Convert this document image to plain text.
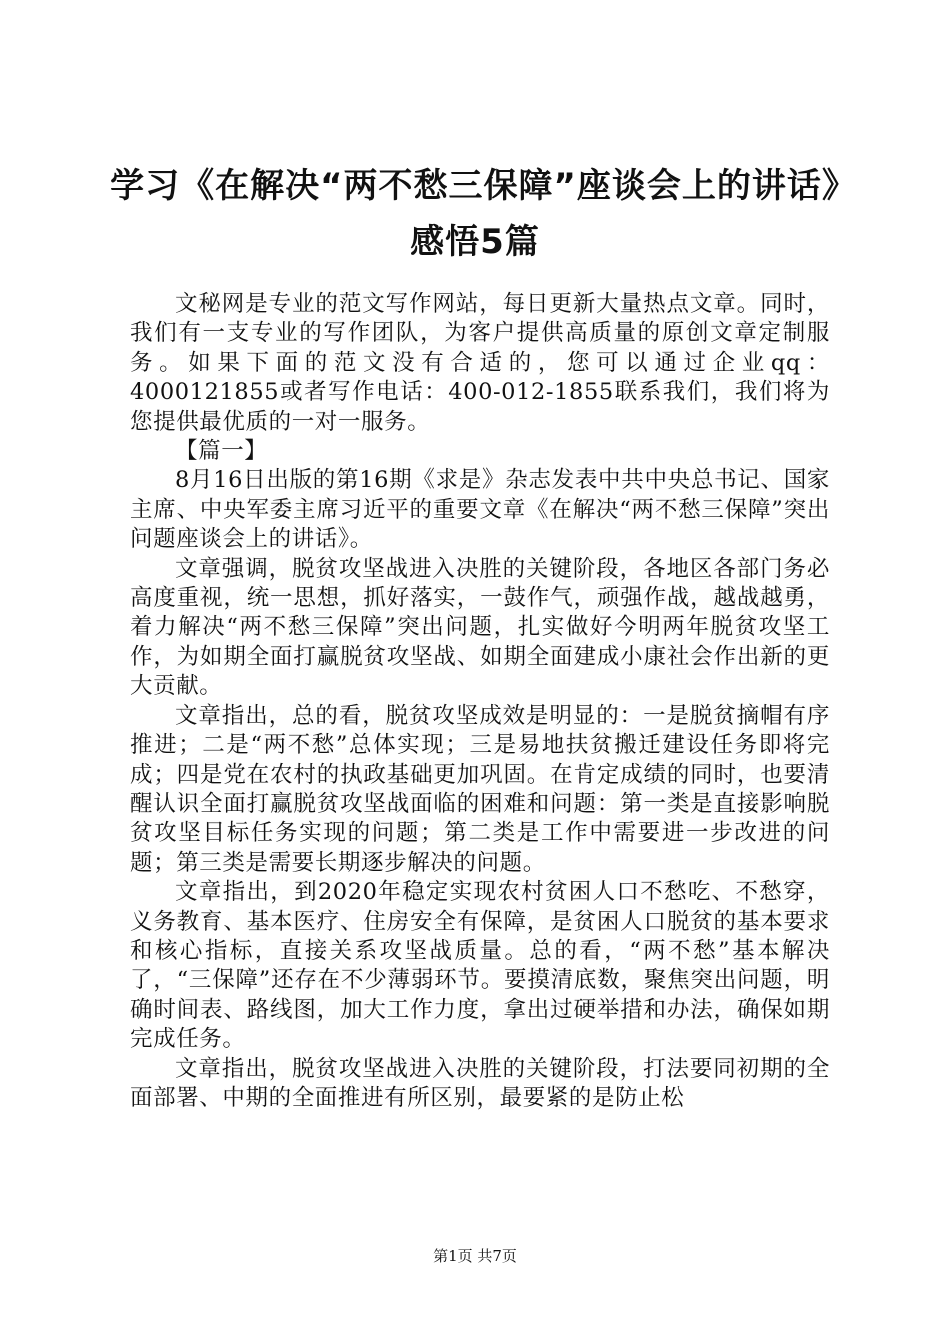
学习《在解决“两不愁三保障”座谈会上的讲话》感悟5篇

文秘网是专业的范文写作网站，每日更新大量热点文章。同时，我们有一支专业的写作团队，为客户提供高质量的原创文章定制服务。如果下面的范文没有合适的，您可以通过企业qq：4000121855或者写作电话：400-012-1855联系我们，我们将为您提供最优质的一对一服务。

【篇一】

8月16日出版的第16期《求是》杂志发表中共中央总书记、国家主席、中央军委主席习近平的重要文章《在解决“两不愁三保障”突出问题座谈会上的讲话》。

文章强调，脱贫攻坚战进入决胜的关键阶段，各地区各部门务必高度重视，统一思想，抓好落实，一鼓作气，顽强作战，越战越勇，着力解决“两不愁三保障”突出问题，扎实做好今明两年脱贫攻坚工作，为如期全面打赢脱贫攻坚战、如期全面建成小康社会作出新的更大贡献。

文章指出，总的看，脱贫攻坚成效是明显的：一是脱贫摘帽有序推进；二是“两不愁”总体实现；三是易地扶贫搬迁建设任务即将完成；四是党在农村的执政基础更加巩固。在肯定成绩的同时，也要清醒认识全面打赢脱贫攻坚战面临的困难和问题：第一类是直接影响脱贫攻坚目标任务实现的问题；第二类是工作中需要进一步改进的问题；第三类是需要长期逐步解决的问题。

文章指出，到2020年稳定实现农村贫困人口不愁吃、不愁穿，义务教育、基本医疗、住房安全有保障，是贫困人口脱贫的基本要求和核心指标，直接关系攻坚战质量。总的看，“两不愁”基本解决了，“三保障”还存在不少薄弱环节。要摸清底数，聚焦突出问题，明确时间表、路线图，加大工作力度，拿出过硬举措和办法，确保如期完成任务。

文章指出，脱贫攻坚战进入决胜的关键阶段，打法要同初期的全面部署、中期的全面推进有所区别，最要紧的是防止松

第1页 共7页
